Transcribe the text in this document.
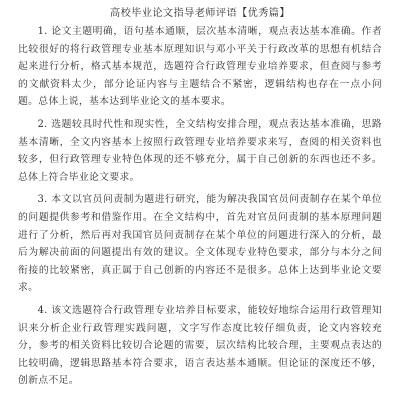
高校毕业论文指导老师评语【优秀篇】

1. 论文主题明确，语句基本通顺，层次基本清晰，观点表达基本准确。作者比较很好的将行政管理专业基本原理知识与邓小平关于行政改革的思想有机结合起来进行分析，格式基本规范，选题符合行政管理专业培养要求，但查阅与参考的文献资料太少，部分论证内容与主题结合不紧密，逻辑结构也存在一点小问题。总体上说，基本达到毕业论文的基本要求。

2. 选题较具时代性和现实性，全文结构安排合理，观点表达基本准确，思路基本清晰，全文内容基本上按照行政管理专业培养要求来写，查阅的相关资料也较多，但行政管理专业特色体现的还不够充分，属于自己创新的东西也还不多。总体上符合毕业论文要求。

3. 本文以官员问责制为题进行研究，能为解决我国官员问责制存在某个单位的问题提供参考和借鉴作用。在全文结构中，首先对官员问责制的基本原理问题进行了分析，然后再对我国官员问责制存在某个单位的问题进行深入的分析，最后为解决前面的问题提出有效的建议。全文体现专业特色要求，部分与本分之间衔接的比较紧密，真正属于自己创新的内容还不是很多。总体上达到毕业论文要求。

4. 该文选题符合行政管理专业培养目标要求，能较好地综合运用行政管理知识来分析企业行政管理实践问题，文字写作态度比较仔细负责，论文内容较充分，参考的相关资料比较切合论题的需要，层次结构比较合理，主要观点表达的比较明确，逻辑思路基本符合要求，语言表达基本通顺。但论证的深度还不够，创新点不足。
